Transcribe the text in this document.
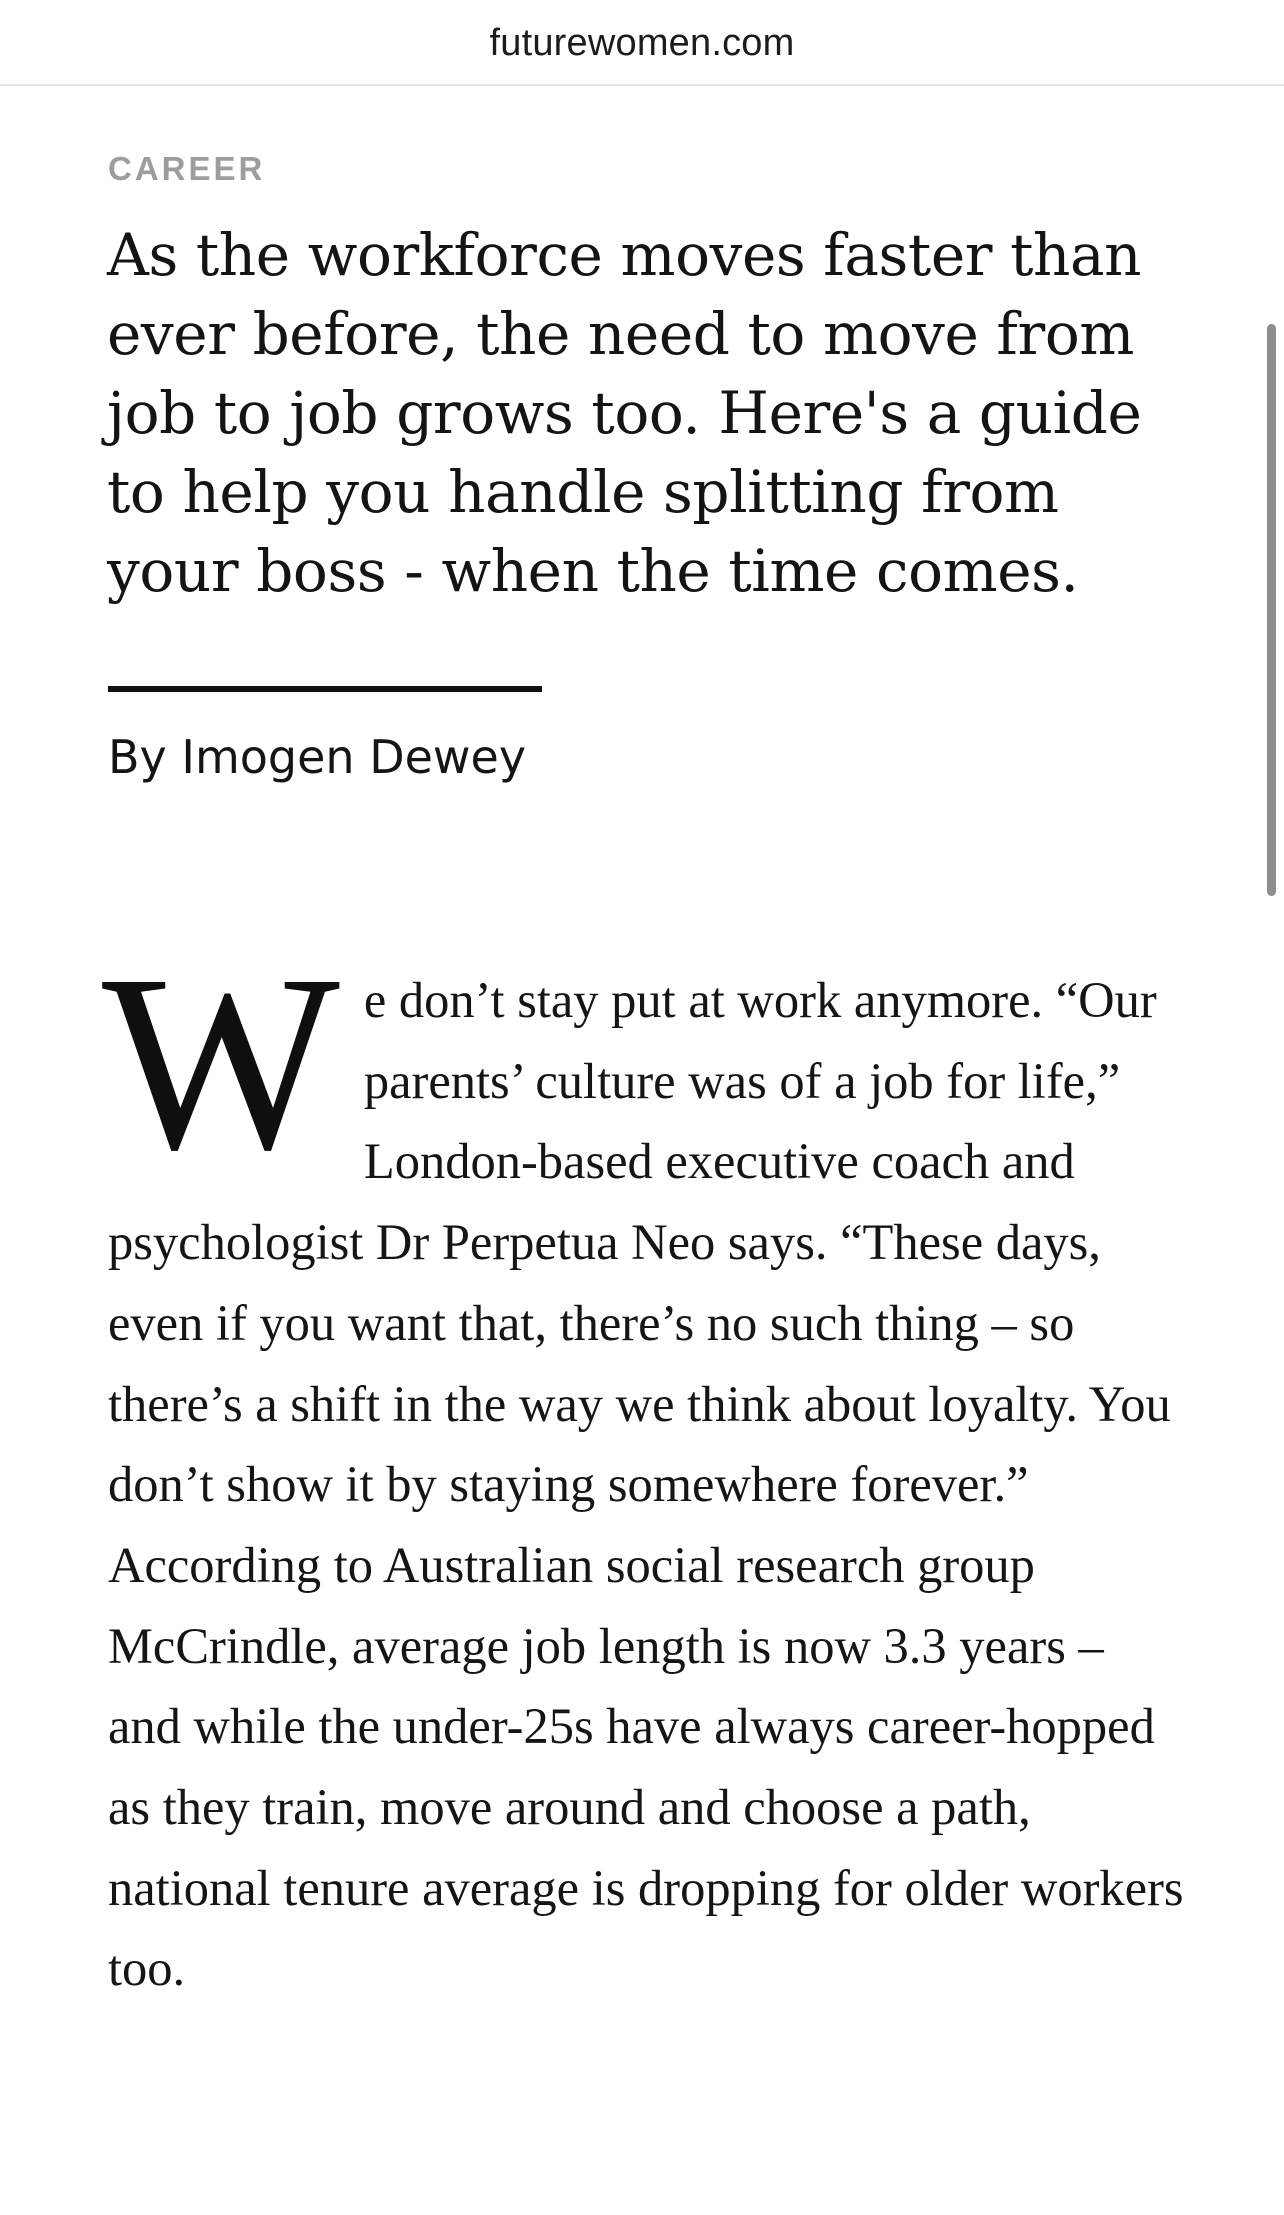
futurewomen.com
CAREER
As the workforce moves faster than ever before, the need to move from job to job grows too. Here's a guide to help you handle splitting from your boss - when the time comes.
By Imogen Dewey

We don’t stay put at work anymore. “Our parents’ culture was of a job for life,” London-based executive coach and psychologist Dr Perpetua Neo says. “These days, even if you want that, there’s no such thing – so there’s a shift in the way we think about loyalty. You don’t show it by staying somewhere forever.” According to Australian social research group McCrindle, average job length is now 3.3 years – and while the under-25s have always career-hopped as they train, move around and choose a path, national tenure average is dropping for older workers too.
